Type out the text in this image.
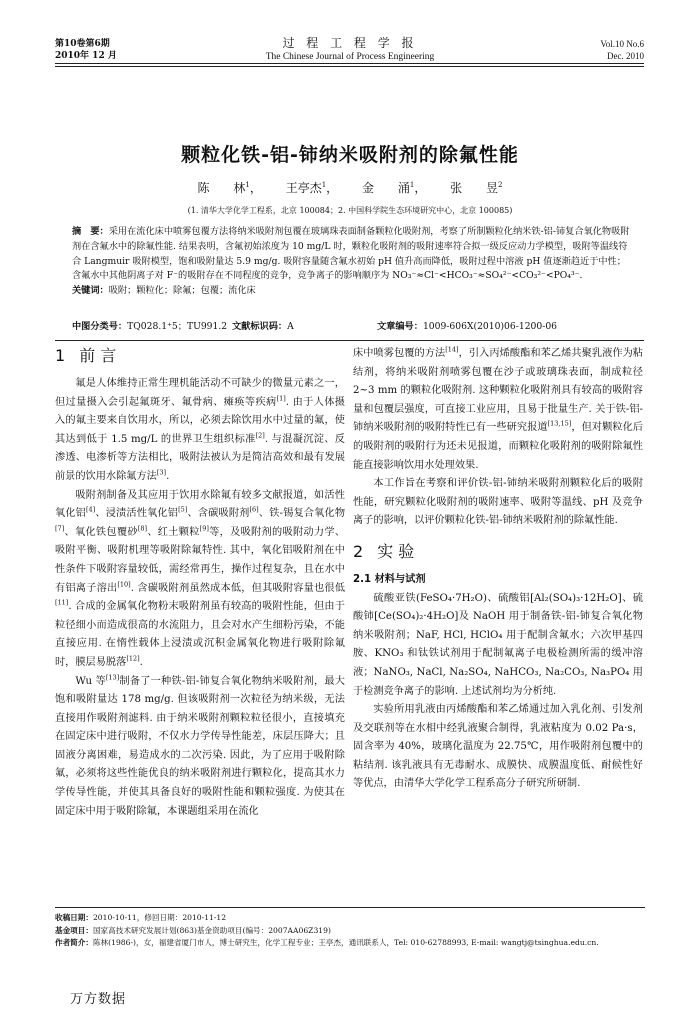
第10卷第6期
2010年 12 月
过 程 工 程 学 报
The Chinese Journal of Process Engineering
Vol.10 No.6
Dec. 2010
颗粒化铁-铝-铈纳米吸附剂的除氟性能
陈 林$^1$， 王亭杰$^1$， 金 涌$^1$， 张 昱$^2$
(1. 清华大学化学工程系，北京 100084；2. 中国科学院生态环境研究中心，北京 100085)
摘　要：采用在流化床中喷雾包覆方法将纳米吸附剂包覆在玻璃珠表面制备颗粒化吸附剂，考察了所制颗粒化纳米铁-铝-铈复合氧化物吸附剂在含氟水中的除氟性能. 结果表明，含氟初始浓度为 10 mg/L 时，颗粒化吸附剂的吸附速率符合拟一级反应动力学模型，吸附等温线符合 Langmuir 吸附模型，饱和吸附量达 5.9 mg/g. 吸附容量随含氟水初始 pH 值升高而降低，吸附过程中溶液 pH 值逐渐趋近于中性；含氟水中其他阴离子对 F⁻的吸附存在不同程度的竞争，竞争离子的影响顺序为 NO₃⁻≈Cl⁻<HCO₃⁻≈SO₄²⁻<CO₃²⁻<PO₄³⁻.
关键词：吸附；颗粒化；除氟；包覆；流化床
中图分类号：TQ028.1⁺5；TU991.2 文献标识码：A	文章编号：1009-606X(2010)06-1200-06
1 前 言

氟是人体维持正常生理机能活动不可缺少的微量元素之一，但过量摄入会引起氟斑牙、氟骨病、瘫痪等疾病[1]. 由于人体摄入的氟主要来自饮用水，所以，必须去除饮用水中过量的氟，使其达到低于 1.5 mg/L 的世界卫生组织标准[2]. 与混凝沉淀、反渗透、电渗析等方法相比，吸附法被认为是简洁高效和最有发展前景的饮用水除氟方法[3].

吸附剂制备及其应用于饮用水除氟有较多文献报道，如活性氧化铝[4]、浸渍活性氧化铝[5]、含碳吸附剂[6]、铁-锡复合氧化物[7]、氧化铁包覆砂[8]、红土颗粒[9]等，及吸附剂的吸附动力学、吸附平衡、吸附机理等吸附除氟特性. 其中，氧化铝吸附剂在中性条件下吸附容量较低，需经常再生，操作过程复杂，且在水中有铝离子溶出[10]. 含碳吸附剂虽然成本低，但其吸附容量也很低[11]. 合成的金属氧化物粉末吸附剂虽有较高的吸附性能，但由于粒径细小而造成很高的水流阻力，且会对水产生细粉污染，不能直接应用. 在惰性载体上浸渍或沉积金属氧化物进行吸附除氟时，膜层易脱落[12].

Wu 等[13]制备了一种铁-铝-铈复合氧化物纳米吸附剂，最大饱和吸附量达 178 mg/g. 但该吸附剂一次粒径为纳米级，无法直接用作吸附剂滤料. 由于纳米吸附剂颗粒粒径很小，直接填充在固定床中进行吸附，不仅水力学传导性能差，床层压降大；且固液分离困难，易造成水的二次污染. 因此，为了应用于吸附除氟，必须将这些性能优良的纳米吸附剂进行颗粒化，提高其水力学传导性能，并使其具备良好的吸附性能和颗粒强度. 为使其在固定床中用于吸附除氟，本课题组采用在流化

床中喷雾包覆的方法[14]，引入丙烯酸酯和苯乙烯共聚乳液作为粘结剂，将纳米吸附剂喷雾包覆在沙子或玻璃珠表面，制成粒径 2~3 mm 的颗粒化吸附剂. 这种颗粒化吸附剂具有较高的吸附容量和包覆层强度，可直接工业应用，且易于批量生产. 关于铁-铝-铈纳米吸附剂的吸附特性已有一些研究报道[13,15]，但对颗粒化后的吸附剂的吸附行为还未见报道，而颗粒化吸附剂的吸附除氟性能直接影响饮用水处理效果.

本工作旨在考察和评价铁-铝-铈纳米吸附剂颗粒化后的吸附性能，研究颗粒化吸附剂的吸附速率、吸附等温线、pH 及竞争离子的影响，以评价颗粒化铁-铝-铈纳米吸附剂的除氟性能.

2 实 验
2.1 材料与试剂

硫酸亚铁(FeSO₄·7H₂O)、硫酸铝[Al₂(SO₄)₃·12H₂O]、硫酸铈[Ce(SO₄)₂·4H₂O]及 NaOH 用于制备铁-铝-铈复合氧化物纳米吸附剂；NaF, HCl, HClO₄ 用于配制含氟水；六次甲基四胺、KNO₃ 和钛铁试剂用于配制氟离子电极检测所需的缓冲溶液；NaNO₃, NaCl, Na₂SO₄, NaHCO₃, Na₂CO₃, Na₃PO₄ 用于检测竞争离子的影响. 上述试剂均为分析纯.

实验所用乳液由丙烯酸酯和苯乙烯通过加入乳化剂、引发剂及交联剂等在水相中经乳液聚合制得，乳液粘度为 0.02 Pa·s，固含率为 40%，玻璃化温度为 22.75℃，用作吸附剂包覆中的粘结剂. 该乳液具有无毒耐水、成膜快、成膜温度低、耐候性好等优点，由清华大学化学工程系高分子研究所研制.

收稿日期：2010-10-11，修回日期：2010-11-12
基金项目：国家高技术研究发展计划(863)基金资助项目(编号：2007AA06Z319)
作者简介：陈林(1986-)，女，福建省厦门市人，博士研究生，化学工程专业；王亭杰，通讯联系人，Tel: 010-62788993, E-mail: wangtj@tsinghua.edu.cn.
万方数据
